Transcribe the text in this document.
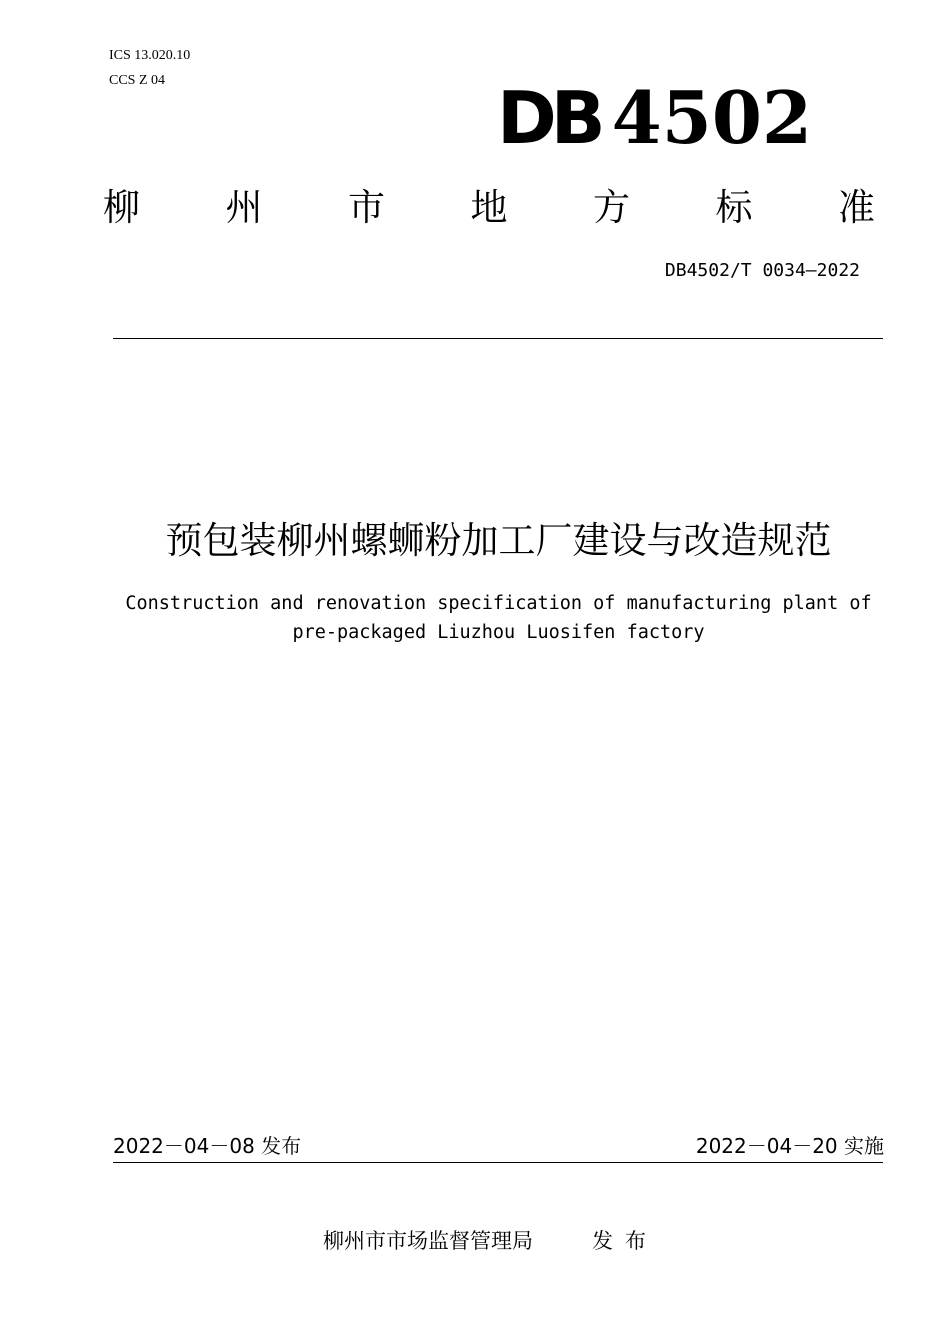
ICS 13.020.10
CCS Z 04	DB 4502
柳 州 市 地 方 标 准
DB4502/T 0034—2022
预包装柳州螺蛳粉加工厂建设与改造规范
Construction and renovation specification of manufacturing plant of
pre-packaged Liuzhou Luosifen factory
2022－04－08 发布	2022－04－20 实施
柳州市市场监督管理局	发布
